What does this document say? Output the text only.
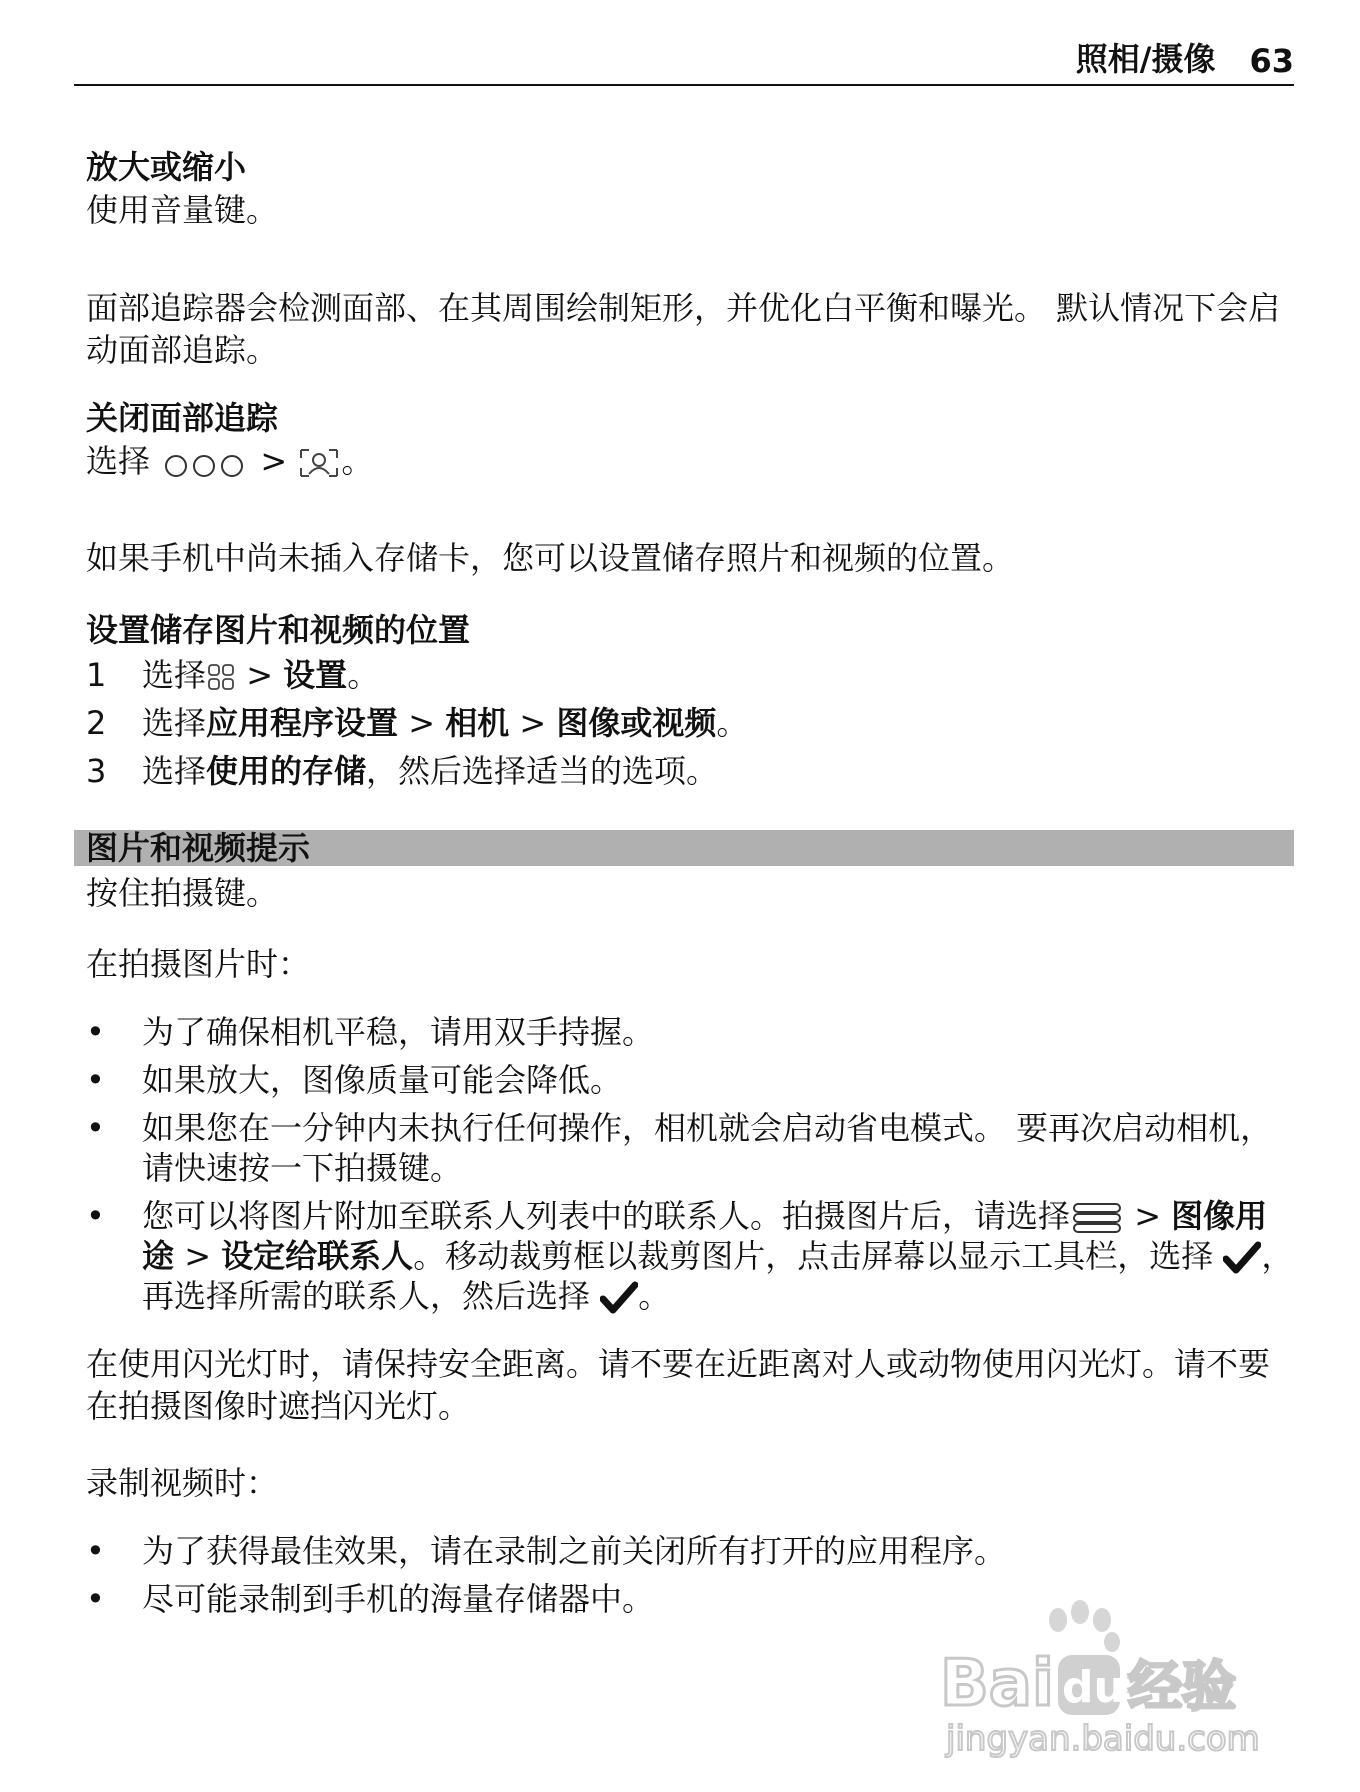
照相/摄像 63
放大或缩小
使用音量键。
面部追踪器会检测面部、在其周围绘制矩形，并优化白平衡和曝光。 默认情况下会启动面部追踪。
关闭面部追踪
选择	> 。
如果手机中尚未插入存储卡，您可以设置储存照片和视频的位置。
设置储存图片和视频的位置
1	选择 > 设置。
2	选择应用程序设置 > 相机 > 图像或视频。
3	选择使用的存储，然后选择适当的选项。
图片和视频提示
按住拍摄键。
在拍摄图片时：
•	为了确保相机平稳，请用双手持握。
•	如果放大，图像质量可能会降低。
•	如果您在一分钟内未执行任何操作，相机就会启动省电模式。 要再次启动相机，请快速按一下拍摄键。
•	您可以将图片附加至联系人列表中的联系人。拍摄图片后，请选择 > 图像用途 > 设定给联系人。移动裁剪框以裁剪图片，点击屏幕以显示工具栏，选择 ，再选择所需的联系人，然后选择 。
在使用闪光灯时，请保持安全距离。请不要在近距离对人或动物使用闪光灯。请不要在拍摄图像时遮挡闪光灯。
录制视频时：
•	为了获得最佳效果，请在录制之前关闭所有打开的应用程序。
•	尽可能录制到手机的海量存储器中。
Bai du 经验
jingyan.baidu.com
